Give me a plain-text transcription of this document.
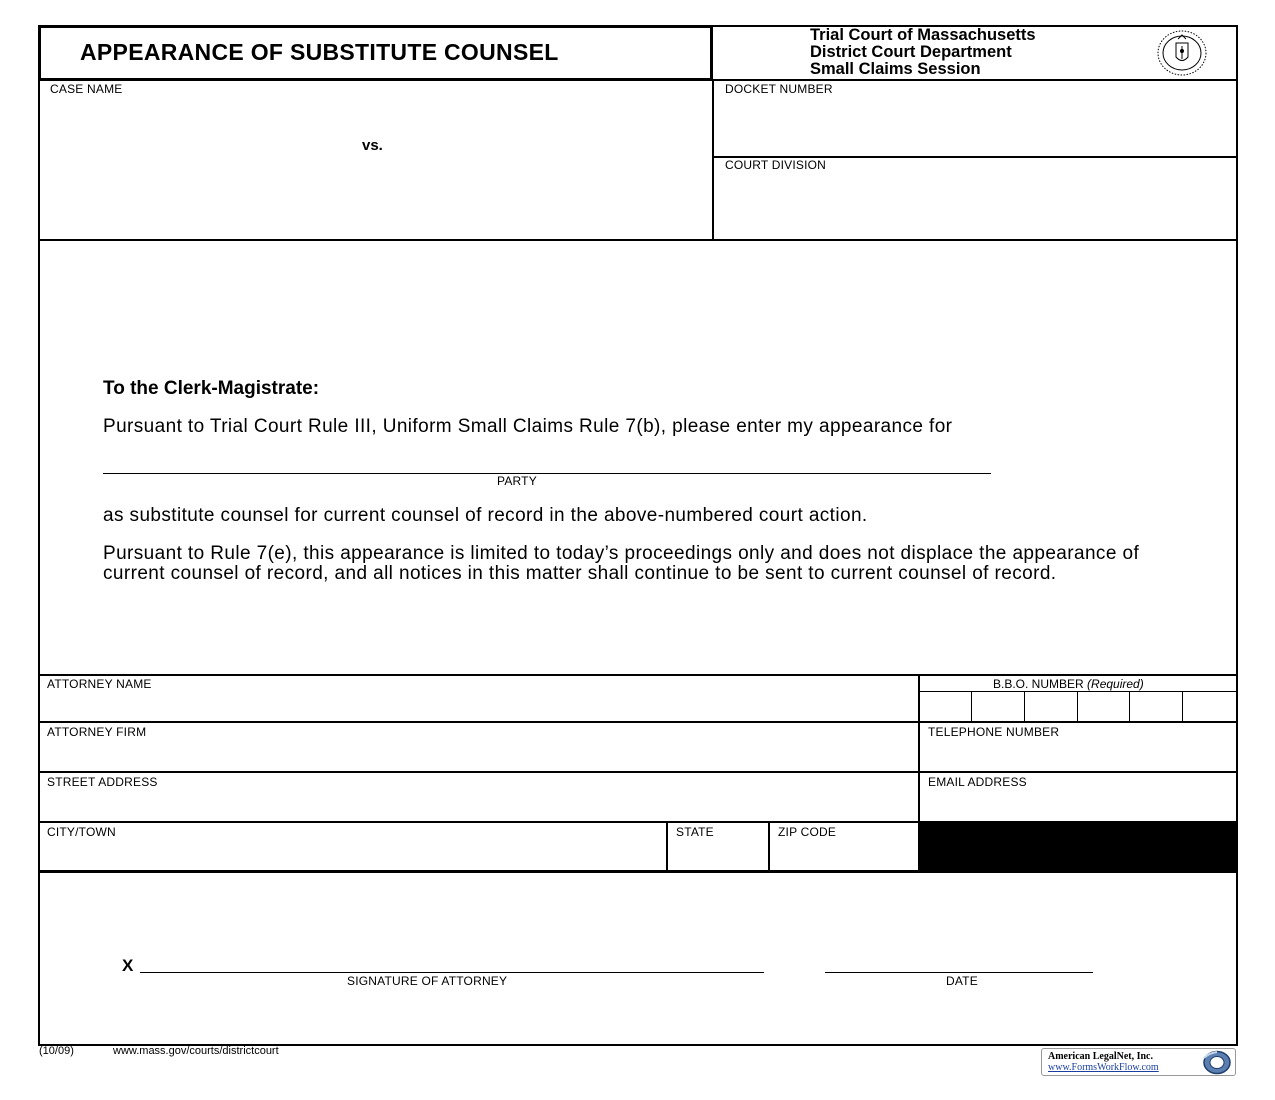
APPEARANCE OF SUBSTITUTE COUNSEL
Trial Court of Massachusetts
District Court Department
Small Claims Session
CASE NAME
vs.
DOCKET NUMBER
COURT DIVISION
To the Clerk-Magistrate:
Pursuant to Trial Court Rule III, Uniform Small Claims Rule 7(b), please enter my appearance for
PARTY
as substitute counsel for current counsel of record in the above-numbered court action.
Pursuant to Rule 7(e), this appearance is limited to today’s proceedings only and does not displace the appearance of current counsel of record, and all notices in this matter shall continue to be sent to current counsel of record.
ATTORNEY NAME	B.B.O. NUMBER (Required)
ATTORNEY FIRM	TELEPHONE NUMBER
STREET ADDRESS	EMAIL ADDRESS
CITY/TOWN	STATE	ZIP CODE
X
SIGNATURE OF ATTORNEY	DATE
(10/09)	www.mass.gov/courts/districtcourt	American LegalNet, Inc.
www.FormsWorkFlow.com
